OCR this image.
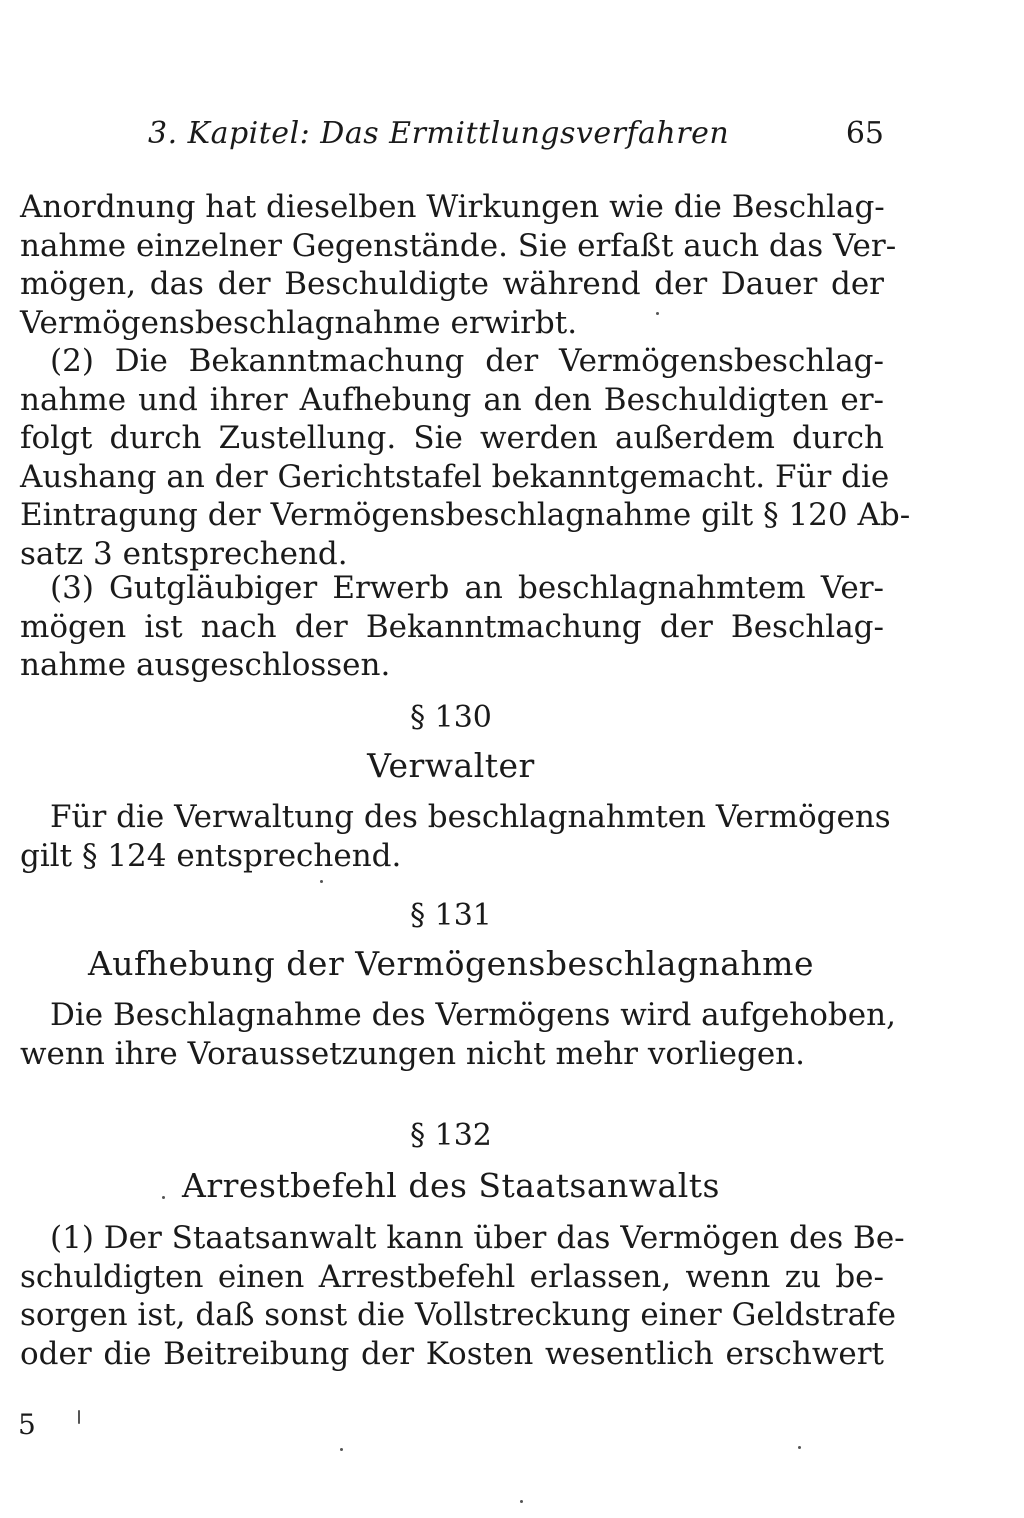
3. Kapitel: Das Ermittlungsverfahren	65
Anordnung hat dieselben Wirkungen wie die Beschlag-
nahme einzelner Gegenstände. Sie erfaßt auch das Ver-
mögen, das der Beschuldigte während der Dauer der
Vermögensbeschlagnahme erwirbt.
(2) Die Bekanntmachung der Vermögensbeschlag-
nahme und ihrer Aufhebung an den Beschuldigten er-
folgt durch Zustellung. Sie werden außerdem durch
Aushang an der Gerichtstafel bekanntgemacht. Für die
Eintragung der Vermögensbeschlagnahme gilt § 120 Ab-
satz 3 entsprechend.
(3) Gutgläubiger Erwerb an beschlagnahmtem Ver-
mögen ist nach der Bekanntmachung der Beschlag-
nahme ausgeschlossen.
§ 130
Verwalter
Für die Verwaltung des beschlagnahmten Vermögens
gilt § 124 entsprechend.
§ 131
Aufhebung der Vermögensbeschlagnahme
Die Beschlagnahme des Vermögens wird aufgehoben,
wenn ihre Voraussetzungen nicht mehr vorliegen.
§ 132
Arrestbefehl des Staatsanwalts
(1) Der Staatsanwalt kann über das Vermögen des Be-
schuldigten einen Arrestbefehl erlassen, wenn zu be-
sorgen ist, daß sonst die Vollstreckung einer Geldstrafe
oder die Beitreibung der Kosten wesentlich erschwert
5
